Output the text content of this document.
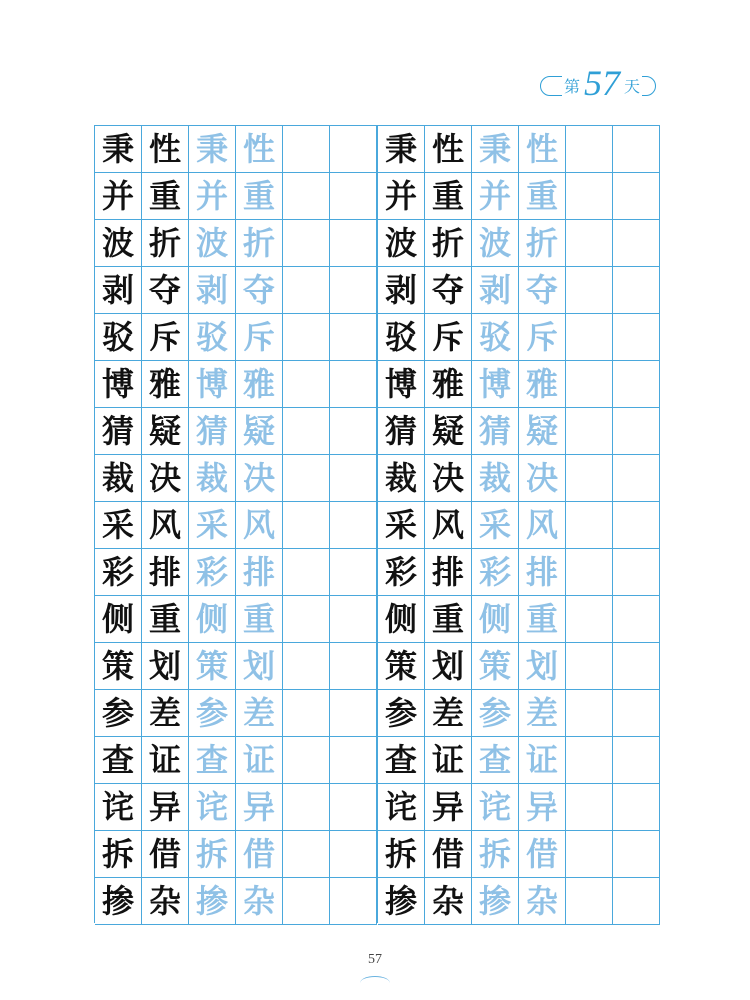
第 57 天
秉 性 秉 性
并 重 并 重
波 折 波 折
剥 夺 剥 夺
驳 斥 驳 斥
博 雅 博 雅
猜 疑 猜 疑
裁 决 裁 决
采 风 采 风
彩 排 彩 排
侧 重 侧 重
策 划 策 划
参 差 参 差
查 证 查 证
诧 异 诧 异
拆 借 拆 借
掺 杂 掺 杂
秉 性 秉 性
并 重 并 重
波 折 波 折
剥 夺 剥 夺
驳 斥 驳 斥
博 雅 博 雅
猜 疑 猜 疑
裁 决 裁 决
采 风 采 风
彩 排 彩 排
侧 重 侧 重
策 划 策 划
参 差 参 差
查 证 查 证
诧 异 诧 异
拆 借 拆 借
掺 杂 掺 杂
57
